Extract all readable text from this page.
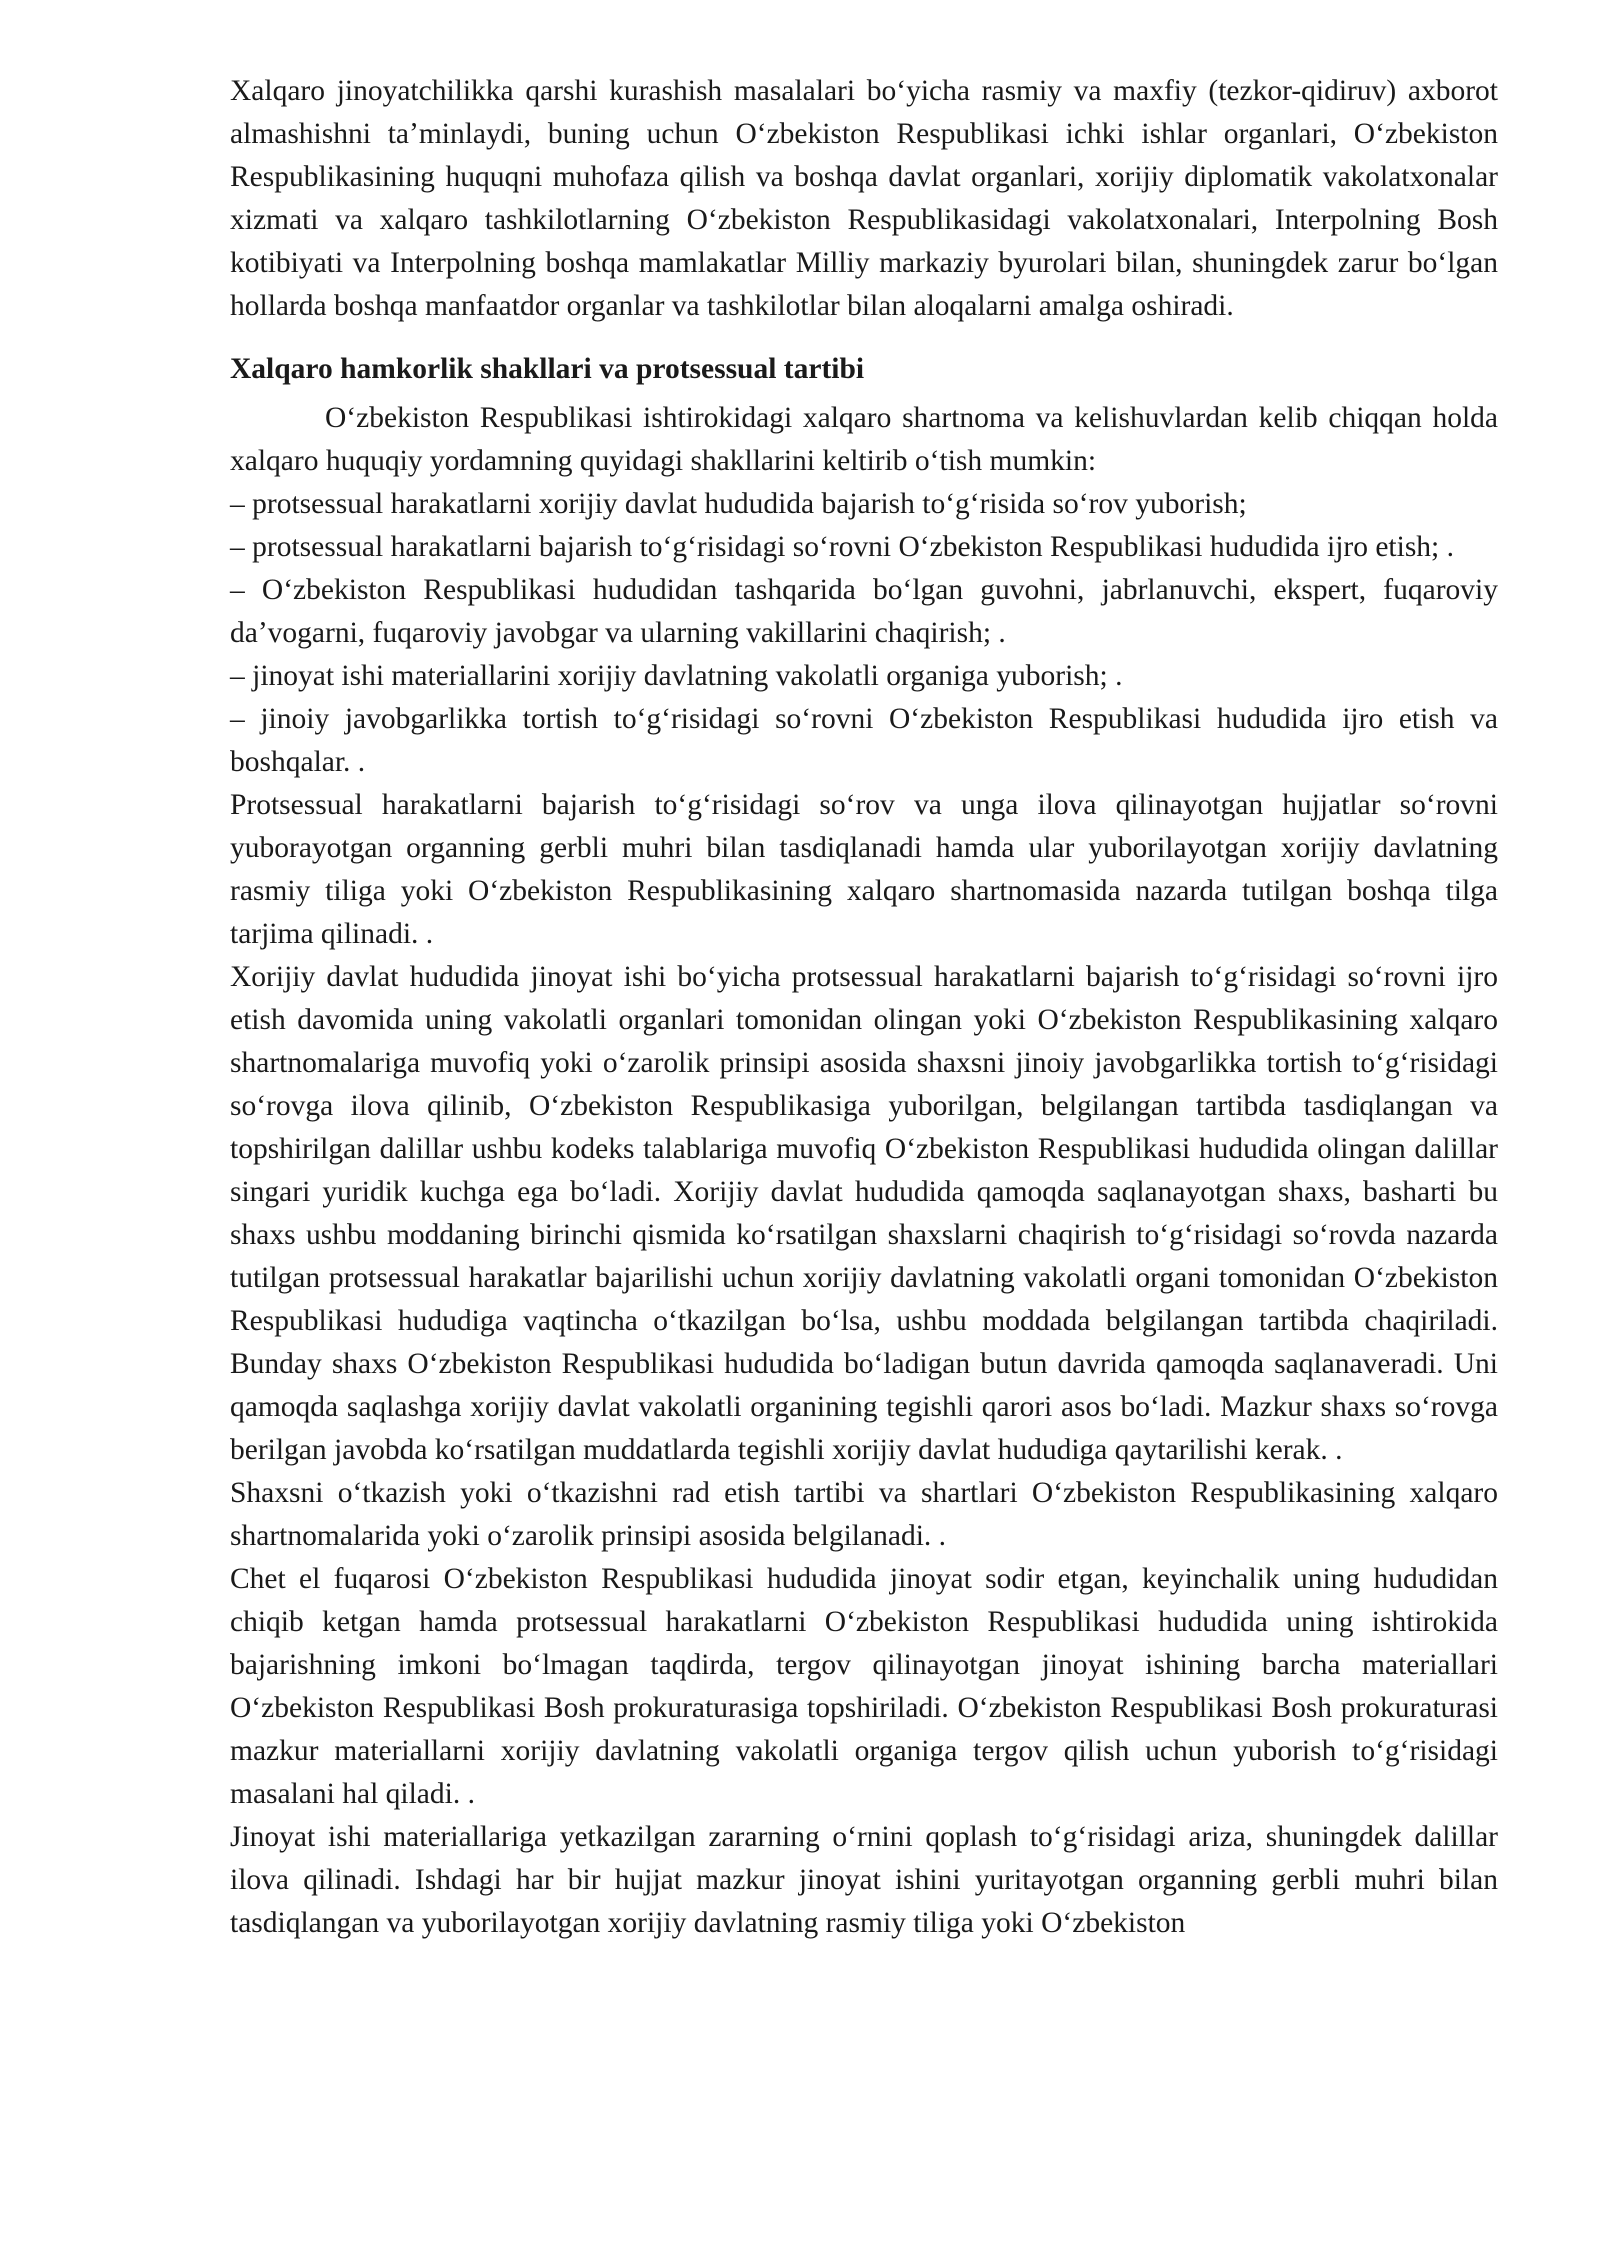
Xalqaro jinoyatchilikka qarshi kurashish masalalari boʻyicha rasmiy va maxfiy (tezkor-qidiruv) axborot almashishni taʼminlaydi, buning uchun Oʻzbekiston Respublikasi ichki ishlar organlari, Oʻzbekiston Respublikasining huquqni muhofaza qilish va boshqa davlat organlari, xorijiy diplomatik vakolatxonalar xizmati va xalqaro tashkilotlarning Oʻzbekiston Respublikasidagi vakolatxonalari, Interpolning Bosh kotibiyati va Interpolning boshqa mamlakatlar Milliy markaziy byurolari bilan, shuningdek zarur boʻlgan hollarda boshqa manfaatdor organlar va tashkilotlar bilan aloqalarni amalga oshiradi.

Xalqaro hamkorlik shakllari va protsessual tartibi

Oʻzbekiston Respublikasi ishtirokidagi xalqaro shartnoma va kelishuvlardan kelib chiqqan holda xalqaro huquqiy yordamning quyidagi shakllarini keltirib oʻtish mumkin:

– protsessual harakatlarni xorijiy davlat hududida bajarish toʻgʻrisida soʻrov yuborish;

– protsessual harakatlarni bajarish toʻgʻrisidagi soʻrovni Oʻzbekiston Respublikasi hududida ijro etish; .

– Oʻzbekiston Respublikasi hududidan tashqarida boʻlgan guvohni, jabrlanuvchi, ekspert, fuqaroviy daʼvogarni, fuqaroviy javobgar va ularning vakillarini chaqirish; .

– jinoyat ishi materiallarini xorijiy davlatning vakolatli organiga yuborish; .

– jinoiy javobgarlikka tortish toʻgʻrisidagi soʻrovni Oʻzbekiston Respublikasi hududida ijro etish va boshqalar. .

Protsessual harakatlarni bajarish toʻgʻrisidagi soʻrov va unga ilova qilinayotgan hujjatlar soʻrovni yuborayotgan organning gerbli muhri bilan tasdiqlanadi hamda ular yuborilayotgan xorijiy davlatning rasmiy tiliga yoki Oʻzbekiston Respublikasining xalqaro shartnomasida nazarda tutilgan boshqa tilga tarjima qilinadi. .

Xorijiy davlat hududida jinoyat ishi boʻyicha protsessual harakatlarni bajarish toʻgʻrisidagi soʻrovni ijro etish davomida uning vakolatli organlari tomonidan olingan yoki Oʻzbekiston Respublikasining xalqaro shartnomalariga muvofiq yoki oʻzarolik prinsipi asosida shaxsni jinoiy javobgarlikka tortish toʻgʻrisidagi soʻrovga ilova qilinib, Oʻzbekiston Respublikasiga yuborilgan, belgilangan tartibda tasdiqlangan va topshirilgan dalillar ushbu kodeks talablariga muvofiq Oʻzbekiston Respublikasi hududida olingan dalillar singari yuridik kuchga ega boʻladi. Xorijiy davlat hududida qamoqda saqlanayotgan shaxs, basharti bu shaxs ushbu moddaning birinchi qismida koʻrsatilgan shaxslarni chaqirish toʻgʻrisidagi soʻrovda nazarda tutilgan protsessual harakatlar bajarilishi uchun xorijiy davlatning vakolatli organi tomonidan Oʻzbekiston Respublikasi hududiga vaqtincha oʻtkazilgan boʻlsa, ushbu moddada belgilangan tartibda chaqiriladi. Bunday shaxs Oʻzbekiston Respublikasi hududida boʻladigan butun davrida qamoqda saqlanaveradi. Uni qamoqda saqlashga xorijiy davlat vakolatli organining tegishli qarori asos boʻladi. Mazkur shaxs soʻrovga berilgan javobda koʻrsatilgan muddatlarda tegishli xorijiy davlat hududiga qaytarilishi kerak. .

Shaxsni oʻtkazish yoki oʻtkazishni rad etish tartibi va shartlari Oʻzbekiston Respublikasining xalqaro shartnomalarida yoki oʻzarolik prinsipi asosida belgilanadi. .

Chet el fuqarosi Oʻzbekiston Respublikasi hududida jinoyat sodir etgan, keyinchalik uning hududidan chiqib ketgan hamda protsessual harakatlarni Oʻzbekiston Respublikasi hududida uning ishtirokida bajarishning imkoni boʻlmagan taqdirda, tergov qilinayotgan jinoyat ishining barcha materiallari Oʻzbekiston Respublikasi Bosh prokuraturasiga topshiriladi. Oʻzbekiston Respublikasi Bosh prokuraturasi mazkur materiallarni xorijiy davlatning vakolatli organiga tergov qilish uchun yuborish toʻgʻrisidagi masalani hal qiladi. .

Jinoyat ishi materiallariga yetkazilgan zararning oʻrnini qoplash toʻgʻrisidagi ariza, shuningdek dalillar ilova qilinadi. Ishdagi har bir hujjat mazkur jinoyat ishini yuritayotgan organning gerbli muhri bilan tasdiqlangan va yuborilayotgan xorijiy davlatning rasmiy tiliga yoki Oʻzbekiston
